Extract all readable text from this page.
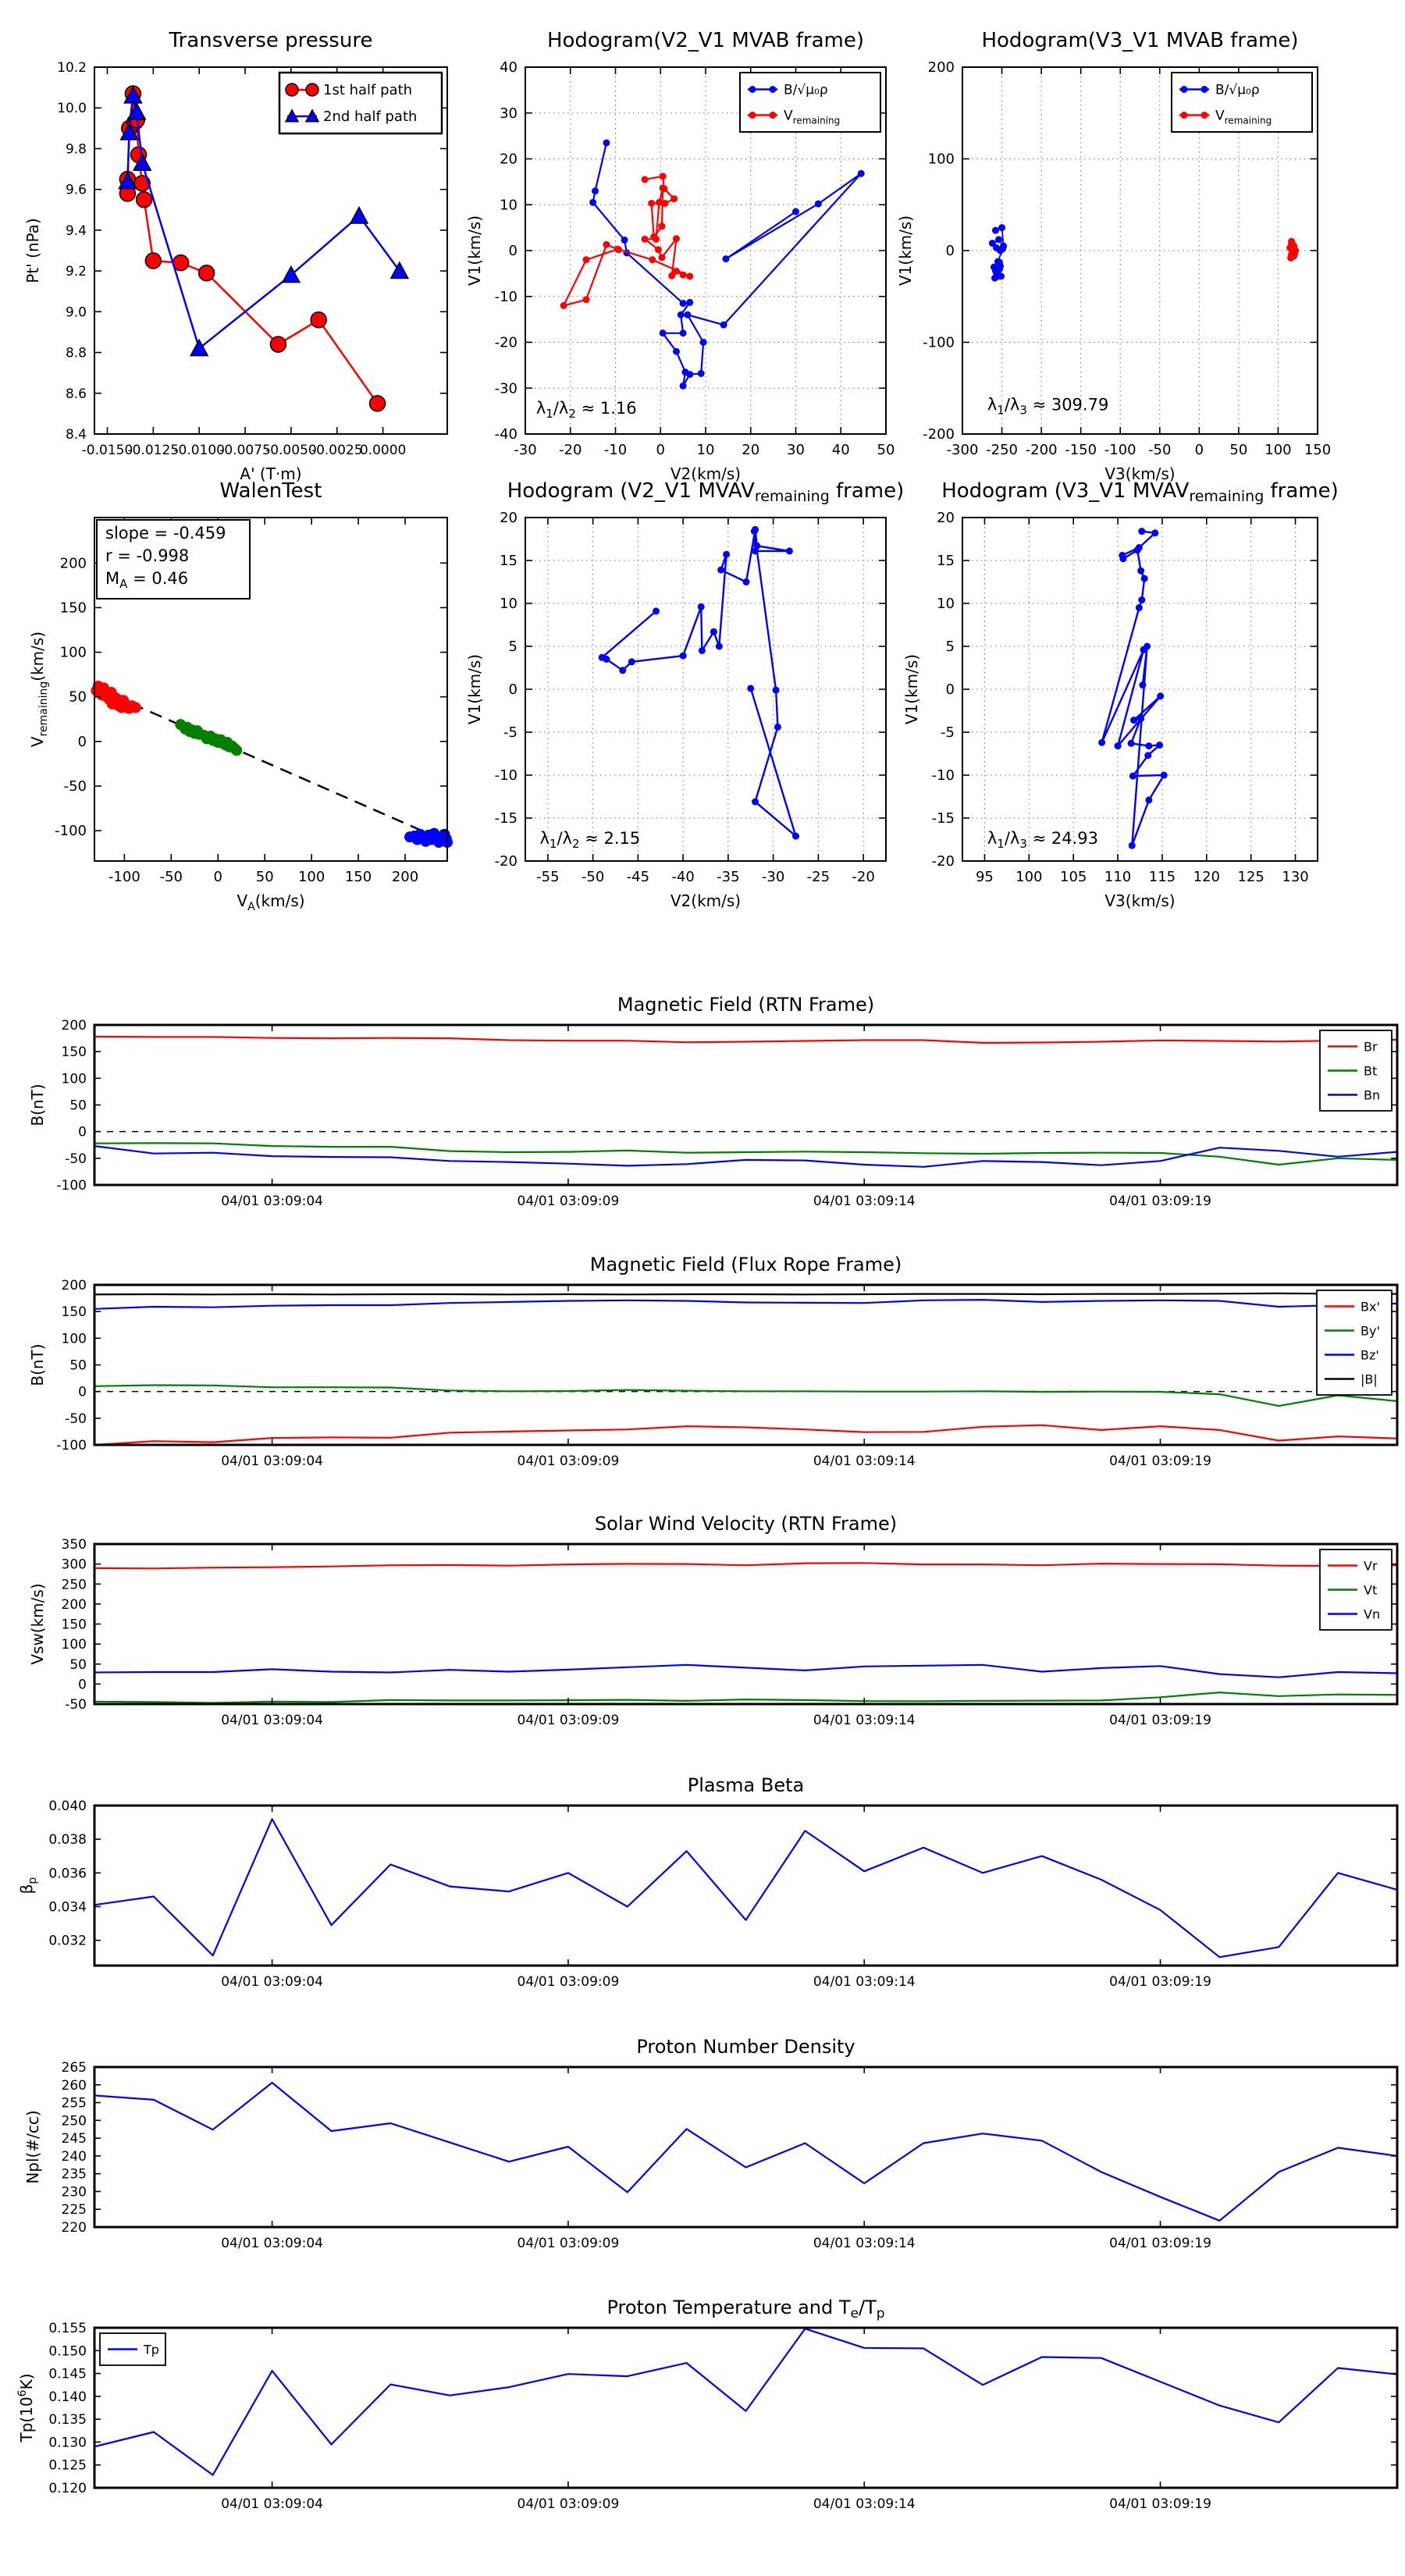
-0.0150
-0.0125
-0.0100
-0.0075
-0.0050
-0.0025
0.0000
8.4
8.6
8.8
9.0
9.2
9.4
9.6
9.8
10.0
10.2
Transverse pressure
A' (T·m)
Pt' (nPa)
1st half path
2nd half path
-30 -20 -10 0 10 20 30 40 50
-40
-30
-20
-10
0
10
20
30
40
Hodogram(V2_V1 MVAB frame)
V2(km/s)
V1(km/s)
$\lambda_1/\lambda_2 \approx 1.16$
B/√μ₀ρ
$V_{remaining}$
-300 -250 -200 -150 -100 -50 0 50 100 150
-200
-100
0
100
200
Hodogram(V3_V1 MVAB frame)
V3(km/s)
V1(km/s)
$\lambda_1/\lambda_3 \approx 309.79$
B/√μ₀ρ
$V_{remaining}$
-100 -50 0 50 100 150 200
-100
-50
0
50
100
150
200
WalenTest
$V_A(km/s)$
$V_{remaining}(km/s)$
slope = -0.459
r = -0.998
$M_A = 0.46$
-55 -50 -45 -40 -35 -30 -25 -20
-20
-15
-10
-5
0
5
10
15
20
Hodogram (V2_V1 MVAVremaining frame)
V2(km/s)
V1(km/s)
$\lambda_1/\lambda_2 \approx 2.15$
95 100 105 110 115 120 125 130
-20
-15
-10
-5
0
5
10
15
20
Hodogram (V3_V1 MVAVremaining frame)
V3(km/s)
V1(km/s)
$\lambda_1/\lambda_3 \approx 24.93$
04/01 03:09:04	04/01 03:09:09	04/01 03:09:14	04/01 03:09:19
-100
-50
0
50
100
150
200
Magnetic Field (RTN Frame)
B(nT)
Br
Bt
Bn
04/01 03:09:04	04/01 03:09:09	04/01 03:09:14	04/01 03:09:19
-100
-50
0
50
100
150
200
Magnetic Field (Flux Rope Frame)
B(nT)
Bx'
By'
Bz'
|B|
04/01 03:09:04	04/01 03:09:09	04/01 03:09:14	04/01 03:09:19
-50
0
50
100
150
200
250
300
350
Solar Wind Velocity (RTN Frame)
Vsw(km/s)
Vr
Vt
Vn
04/01 03:09:04	04/01 03:09:09	04/01 03:09:14	04/01 03:09:19
0.032
0.034
0.036
0.038
0.040
Plasma Beta
$\beta_p$
04/01 03:09:04	04/01 03:09:09	04/01 03:09:14	04/01 03:09:19
220
225
230
235
240
245
250
255
260
265
Proton Number Density
Npl(#/cc)
04/01 03:09:04	04/01 03:09:09	04/01 03:09:14	04/01 03:09:19
0.120
0.125
0.130
0.135
0.140
0.145
0.150
0.155
Proton Temperature and $T_e/T_p$
$Tp(10^6K)$
Tp
